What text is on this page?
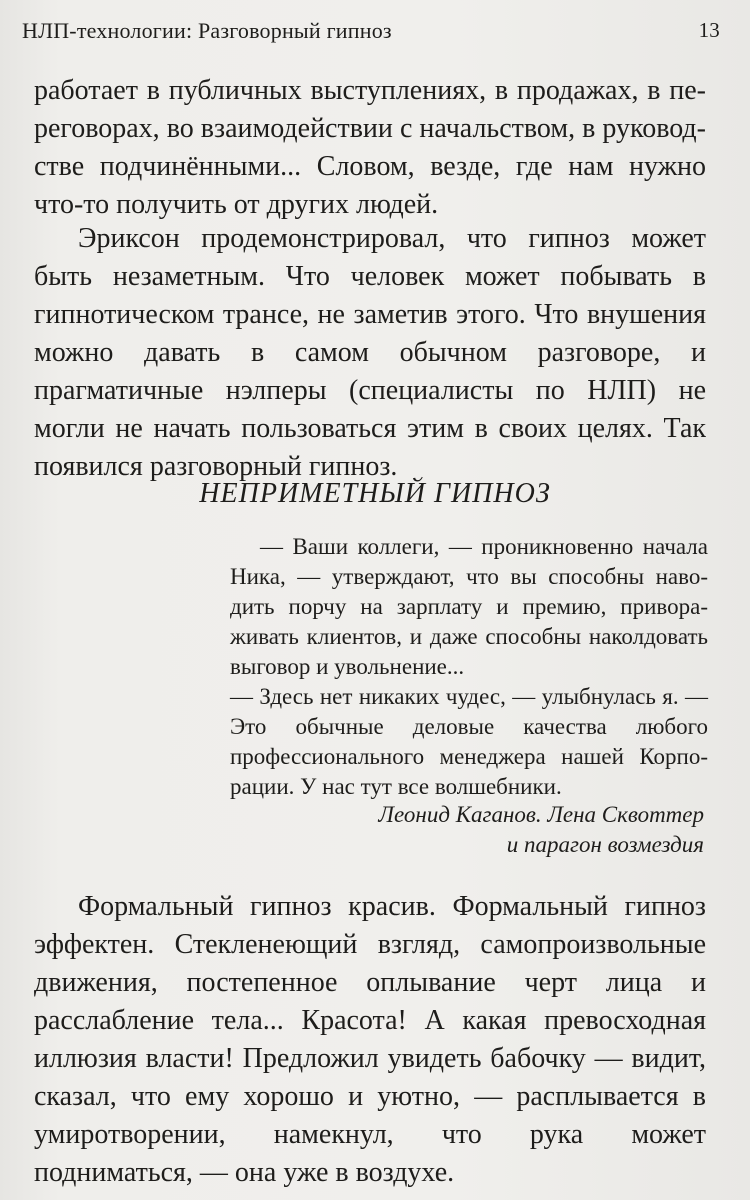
НЛП-технологии: Разговорный гипноз	13

работает в публичных выступлениях, в продажах, в переговорах, во взаимодействии с начальством, в руководстве подчинёнными... Словом, везде, где нам нужно что-то получить от других людей.

Эриксон продемонстрировал, что гипноз может быть незаметным. Что человек может побывать в гипнотическом трансе, не заметив этого. Что внушения можно давать в самом обычном разговоре, и прагматичные нэлперы (специалисты по НЛП) не могли не начать пользоваться этим в своих целях. Так появился разговорный гипноз.

НЕПРИМЕТНЫЙ ГИПНОЗ

— Ваши коллеги, — проникновенно начала Ника, — утверждают, что вы способны наводить порчу на зарплату и премию, приворaживать клиентов, и даже способны наколдовать выговор и увольнение...

— Здесь нет никаких чудес, — улыбнулась я. — Это обычные деловые качества любого профессионального менеджера нашей Корпорации. У нас тут все волшебники.

Леонид Каганов. Лена Сквоттер
и парагон возмездия

Формальный гипноз красив. Формальный гипноз эффектен. Стекленеющий взгляд, самопроизвольные движения, постепенное оплывание черт лица и расслабление тела... Красота! А какая превосходная иллюзия власти! Предложил увидеть бабочку — видит, сказал, что ему хорошо и уютно, — расплывается в умиротворении, намекнул, что рука может подниматься, — она уже в воздухе.
